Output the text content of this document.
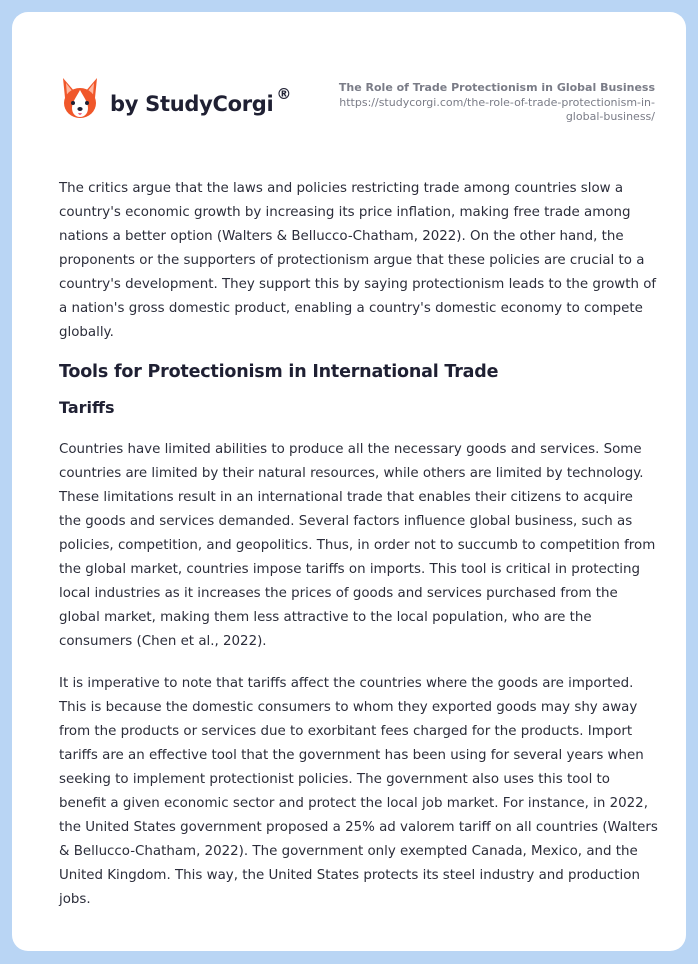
by StudyCorgi ®	The Role of Trade Protectionism in Global Business
https://studycorgi.com/the-role-of-trade-protectionism-in-global-business/

The critics argue that the laws and policies restricting trade among countries slow a country's economic growth by increasing its price inflation, making free trade among nations a better option (Walters & Bellucco-Chatham, 2022). On the other hand, the proponents or the supporters of protectionism argue that these policies are crucial to a country's development. They support this by saying protectionism leads to the growth of a nation's gross domestic product, enabling a country's domestic economy to compete globally.

Tools for Protectionism in International Trade
Tariffs

Countries have limited abilities to produce all the necessary goods and services. Some countries are limited by their natural resources, while others are limited by technology. These limitations result in an international trade that enables their citizens to acquire the goods and services demanded. Several factors influence global business, such as policies, competition, and geopolitics. Thus, in order not to succumb to competition from the global market, countries impose tariffs on imports. This tool is critical in protecting local industries as it increases the prices of goods and services purchased from the global market, making them less attractive to the local population, who are the consumers (Chen et al., 2022).

It is imperative to note that tariffs affect the countries where the goods are imported. This is because the domestic consumers to whom they exported goods may shy away from the products or services due to exorbitant fees charged for the products. Import tariffs are an effective tool that the government has been using for several years when seeking to implement protectionist policies. The government also uses this tool to benefit a given economic sector and protect the local job market. For instance, in 2022, the United States government proposed a 25% ad valorem tariff on all countries (Walters & Bellucco-Chatham, 2022). The government only exempted Canada, Mexico, and the United Kingdom. This way, the United States protects its steel industry and production jobs.
